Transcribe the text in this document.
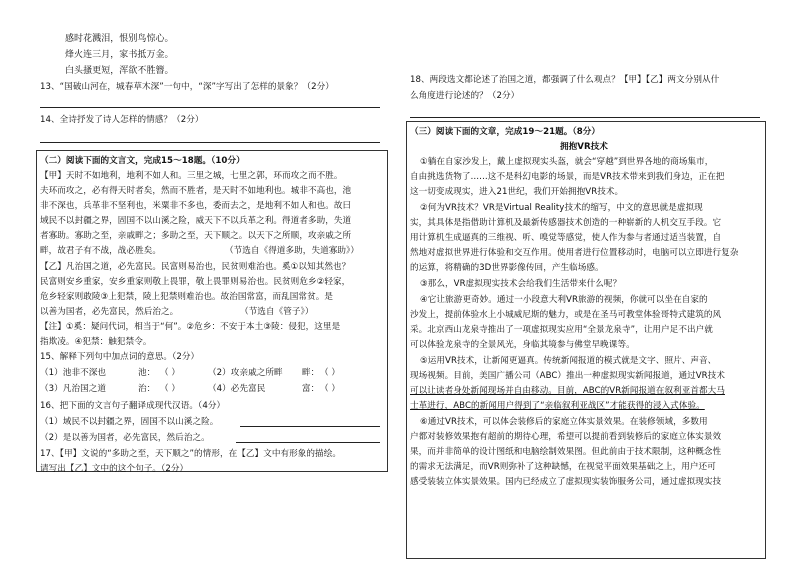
感时花溅泪，恨别鸟惊心。
烽火连三月，家书抵万金。
白头搔更短，浑欲不胜簪。
13、“国破山河在，城春草木深”一句中，“深”字写出了怎样的景象？（2分）
14、全诗抒发了诗人怎样的情感？（2分）
（二）阅读下面的文言文，完成15～18题。（10分）
【甲】天时不如地利，地利不如人和。三里之城，七里之郭，环而攻之而不胜。
夫环而攻之，必有得天时者矣，然而不胜者，是天时不如地利也。城非不高也，池
非不深也，兵革非不坚利也，米粟非不多也，委而去之，是地利不如人和也。故曰
域民不以封疆之界，固国不以山溪之险，威天下不以兵革之利。得道者多助，失道
者寡助。寡助之至，亲戚畔之；多助之至，天下顺之。以天下之所顺，攻亲戚之所
畔，故君子有不战，战必胜矣。	（节选自《得道多助，失道寡助》）
【乙】凡治国之道，必先富民。民富则易治也，民贫则难治也。奚①以知其然也？
民富则安乡重家，安乡重家则敬上畏罪，敬上畏罪则易治也。民贫则危乡②轻家，
危乡轻家则敢陵③上犯禁，陵上犯禁则难治也。故治国常富，而乱国常贫。是
以善为国者，必先富民，然后治之。	（节选自《管子》）
【注】①奚：疑问代词，相当于“何”。②危乡：不安于本土③陵：侵犯，这里是
指欺凌。④犯禁：触犯禁令。
15、解释下列句中加点词的意思。（2分）
（1）池非不深也	池： （ ）	（2）攻亲戚之所畔 畔： （ ）
（3）凡治国之道	治： （ ）	（4）必先富民	富： （ ）
16、把下面的文言句子翻译成现代汉语。（4分）
（1）域民不以封疆之界，固国不以山溪之险。
（2）是以善为国者，必先富民，然后治之。
17、【甲】文说的“多助之至，天下顺之”的情形，在【乙】文中有形象的描绘。
请写出【乙】文中的这个句子。（2分）
18、两段选文都论述了治国之道，都强调了什么观点？【甲】【乙】两文分别从什
么角度进行论述的？（2分）
（三）阅读下面的文章，完成19～21题。（8分）
拥抱VR技术
①躺在自家沙发上，戴上虚拟现实头盔，就会“穿越”到世界各地的商场集市，
自由挑选货物了……这不是科幻电影的场景，而是VR技术带来到我们身边，正在把
这一切变成现实，进入21世纪，我们开始拥抱VR技术。
②何为VR技术？VR是Virtual Reality技术的缩写，中文的意思就是虚拟现
实，其具体是指借助计算机及最新传感器技术创造的一种崭新的人机交互手段。它
用计算机生成逼真的三维视、听、嗅觉等感觉，使人作为参与者通过适当装置，自
然地对虚拟世界进行体验和交互作用。使用者进行位置移动时，电脑可以立即进行复杂
的运算，将精确的3D世界影像传回，产生临场感。
③那么，VR虚拟现实技术会给我们生活带来什么呢？
④它让旅游更奇妙。通过一小段意大利VR旅游的视频，你就可以坐在自家的
沙发上，提前体验水上小城威尼斯的魅力，或是在圣马可教堂体验哥特式建筑的风
采。北京西山龙泉寺推出了一项虚拟现实应用“全景龙泉寺”，让用户足不出户就
可以体验龙泉寺的全景风光，身临其境参与佛堂早晚课等。
⑤运用VR技术，让新闻更逼真。传统新闻报道的模式就是文字、照片、声音、
现场视频。目前，美国广播公司（ABC）推出一种虚拟现实新闻报道，通过VR技术
可以让读者身处新闻现场并自由移动。目前，ABC的VR新闻报道在叙利亚首都大马
士革进行，ABC的新闻用户得到了“亲临叙利亚战区”才能获得的浸入式体验。
⑥通过VR技术，可以体会装修后的家庭立体实景效果。在装修领域，多数用
户都对装修效果抱有超前的期待心理，希望可以提前看到装修后的家庭立体实景效
果，而并非简单的设计图纸和电脑绘制效果图。但此前由于技术限制，这种概念性
的需求无法满足，而VR则弥补了这种缺憾，在视觉平面效果基础之上，用户还可
感受装装立体实景效果。国内已经成立了虚拟现实装饰服务公司，通过虚拟现实技
